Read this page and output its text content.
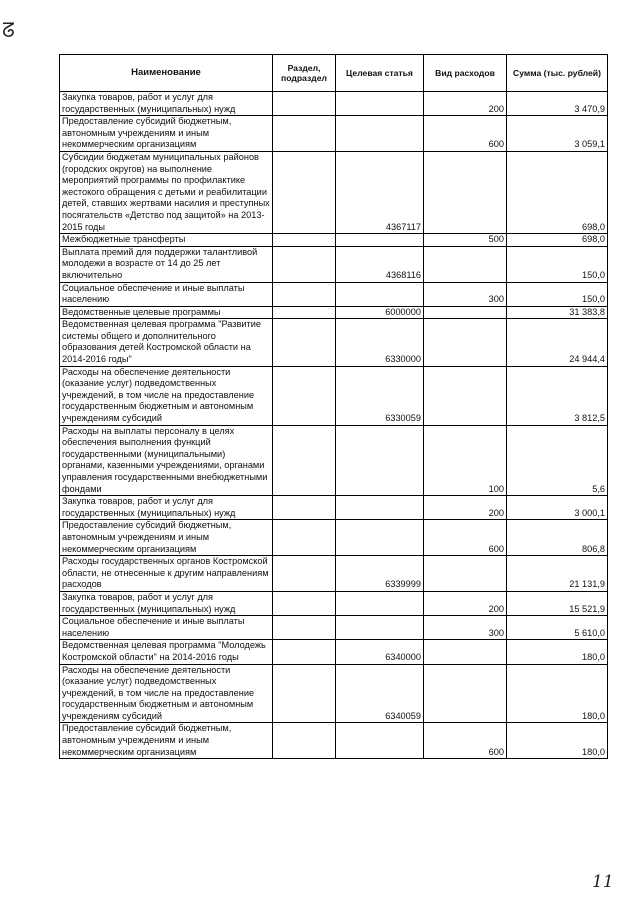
ᘔ
Наименование	Раздел, подраздел	Целевая статья	Вид расходов	Сумма (тыс. рублей)
Закупка товаров, работ и услуг для государственных (муниципальных) нужд			200	3 470,9
Предоставление субсидий бюджетным, автономным учреждениям и иным некоммерческим организациям			600	3 059,1
Субсидии бюджетам муниципальных районов (городских округов) на выполнение мероприятий программы по профилактике жестокого обращения с детьми и реабилитации детей, ставших жертвами насилия и преступных посягательств «Детство под защитой» на 2013-2015 годы		4367117		698,0
Межбюджетные трансферты			500	698,0
Выплата премий для поддержки талантливой молодежи в возрасте от 14 до 25 лет включительно		4368116		150,0
Социальное обеспечение и иные выплаты населению			300	150,0
Ведомственные целевые программы		6000000		31 383,8
Ведомственная целевая программа "Развитие системы общего и дополнительного образования детей Костромской области на 2014-2016 годы"		6330000		24 944,4
Расходы на обеспечение деятельности (оказание услуг) подведомственных учреждений, в том числе на предоставление государственным бюджетным и автономным учреждениям субсидий		6330059		3 812,5
Расходы на выплаты персоналу в целях обеспечения выполнения функций государственными (муниципальными) органами, казенными учреждениями, органами управления государственными внебюджетными фондами			100	5,6
Закупка товаров, работ и услуг для государственных (муниципальных) нужд			200	3 000,1
Предоставление субсидий бюджетным, автономным учреждениям и иным некоммерческим организациям			600	806,8
Расходы государственных органов Костромской области, не отнесенные к другим направлениям расходов		6339999		21 131,9
Закупка товаров, работ и услуг для государственных (муниципальных) нужд			200	15 521,9
Социальное обеспечение и иные выплаты населению			300	5 610,0
Ведомственная целевая программа "Молодежь Костромской области" на 2014-2016 годы		6340000		180,0
Расходы на обеспечение деятельности (оказание услуг) подведомственных учреждений, в том числе на предоставление государственным бюджетным и автономным учреждениям субсидий		6340059		180,0
Предоставление субсидий бюджетным, автономным учреждениям и иным некоммерческим организациям			600	180,0
11
